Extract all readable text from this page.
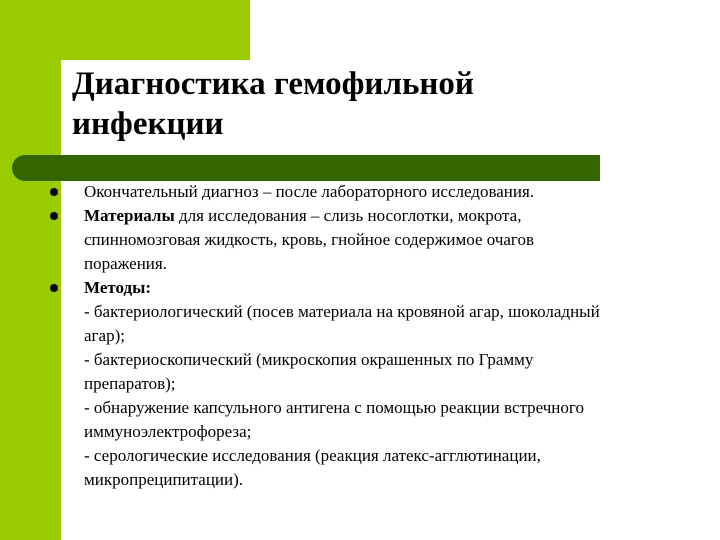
Диагностика гемофильной
инфекции
Окончательный диагноз – после лабораторного исследования.
Материалы для исследования – слизь носоглотки, мокрота,
спинномозговая жидкость, кровь, гнойное содержимое очагов
поражения.
Методы:
- бактериологический (посев материала на кровяной агар, шоколадный
агар);
- бактериоскопический (микроскопия окрашенных по Грамму
препаратов);
- обнаружение капсульного антигена с помощью реакции встречного
иммуноэлектрофореза;
- серологические исследования (реакция латекс-агглютинации,
микропреципитации).
